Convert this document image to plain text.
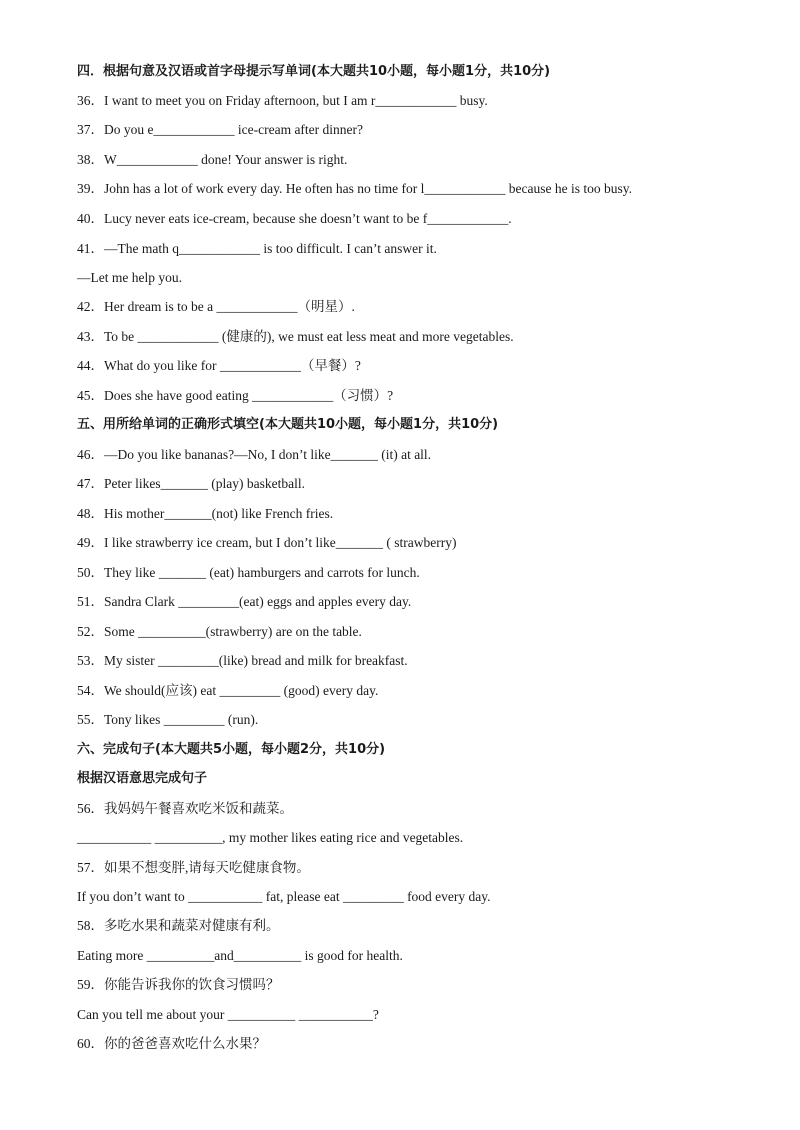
四．根据句意及汉语或首字母提示写单词(本大题共10小题，每小题1分，共10分)
36．I want to meet you on Friday afternoon, but I am r____________ busy.
37．Do you e____________ ice-cream after dinner?
38．W____________ done! Your answer is right.
39．John has a lot of work every day. He often has no time for l____________ because he is too busy.
40．Lucy never eats ice-cream, because she doesn’t want to be f____________.
41．—The math q____________ is too difficult. I can’t answer it.
—Let me help you.
42．Her dream is to be a ____________（明星）.
43．To be ____________ (健康的), we must eat less meat and more vegetables.
44．What do you like for ____________（早餐）?
45．Does she have good eating ____________（习惯）?
五、用所给单词的正确形式填空(本大题共10小题，每小题1分，共10分)
46．—Do you like bananas?—No, I don’t like_______ (it) at all.
47．Peter likes_______ (play) basketball.
48．His mother_______(not) like French fries.
49．I like strawberry ice cream, but I don’t like_______ ( strawberry)
50．They like _______ (eat) hamburgers and carrots for lunch.
51．Sandra Clark _________(eat) eggs and apples every day.
52．Some __________(strawberry) are on the table.
53．My sister _________(like) bread and milk for breakfast.
54．We should(应该) eat _________ (good) every day.
55．Tony likes _________ (run).
六、完成句子(本大题共5小题，每小题2分，共10分)
根据汉语意思完成句子
56．我妈妈午餐喜欢吃米饭和蔬菜。
___________ __________, my mother likes eating rice and vegetables.
57．如果不想变胖,请每天吃健康食物。
If you don’t want to ___________ fat, please eat _________ food every day.
58．多吃水果和蔬菜对健康有利。
Eating more __________and__________ is good for health.
59．你能告诉我你的饮食习惯吗？
Can you tell me about your __________ ___________?
60．你的爸爸喜欢吃什么水果？
